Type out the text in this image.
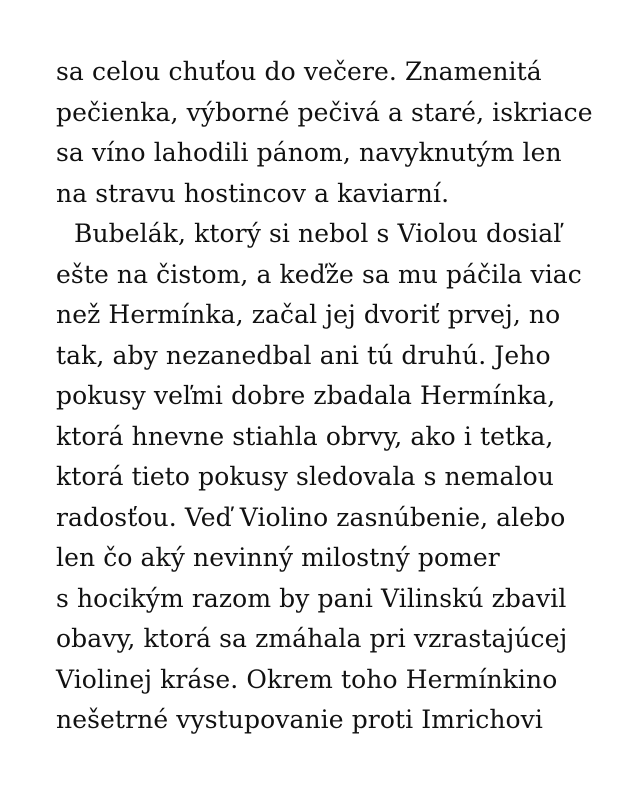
sa celou chuťou do večere. Znamenitá
pečienka, výborné pečivá a staré, iskriace
sa víno lahodili pánom, navyknutým len
na stravu hostincov a kaviarní.
Bubelák, ktorý si nebol s Violou dosiaľ
ešte na čistom, a keďže sa mu páčila viac
než Hermínka, začal jej dvoriť prvej, no
tak, aby nezanedbal ani tú druhú. Jeho
pokusy veľmi dobre zbadala Hermínka,
ktorá hnevne stiahla obrvy, ako i tetka,
ktorá tieto pokusy sledovala s nemalou
radosťou. Veď Violino zasnúbenie, alebo
len čo aký nevinný milostný pomer
s hocikým razom by pani Vilinskú zbavil
obavy, ktorá sa zmáhala pri vzrastajúcej
Violinej kráse. Okrem toho Hermínkino
nešetrné vystupovanie proti Imrichovi
